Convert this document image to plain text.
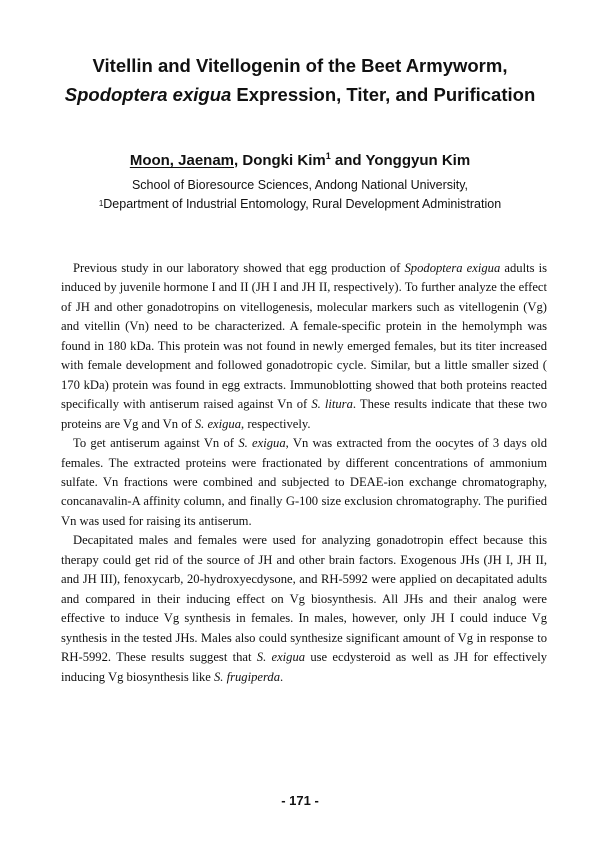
Vitellin and Vitellogenin of the Beet Armyworm,
Spodoptera exigua Expression, Titer, and Purification
Moon, Jaenam, Dongki Kim$^1$ and Yonggyun Kim
School of Bioresource Sciences, Andong National University,
$^1$Department of Industrial Entomology, Rural Development Administration

Previous study in our laboratory showed that egg production of Spodoptera exigua adults is induced by juvenile hormone I and II (JH I and JH II, respectively). To further analyze the effect of JH and other gonadotropins on vitellogenesis, molecular markers such as vitellogenin (Vg) and vitellin (Vn) need to be characterized. A female-specific protein in the hemolymph was found in 180 kDa. This protein was not found in newly emerged females, but its titer increased with female development and followed gonadotropic cycle. Similar, but a little smaller sized ( 170 kDa) protein was found in egg extracts. Immunoblotting showed that both proteins reacted specifically with antiserum raised against Vn of S. litura. These results indicate that these two proteins are Vg and Vn of S. exigua, respectively.

To get antiserum against Vn of S. exigua, Vn was extracted from the oocytes of 3 days old females. The extracted proteins were fractionated by different concentrations of ammonium sulfate. Vn fractions were combined and subjected to DEAE-ion exchange chromatography, concanavalin-A affinity column, and finally G-100 size exclusion chromatography. The purified Vn was used for raising its antiserum.

Decapitated males and females were used for analyzing gonadotropin effect because this therapy could get rid of the source of JH and other brain factors. Exogenous JHs (JH I, JH II, and JH III), fenoxycarb, 20-hydroxyecdysone, and RH-5992 were applied on decapitated adults and compared in their inducing effect on Vg biosynthesis. All JHs and their analog were effective to induce Vg synthesis in females. In males, however, only JH I could induce Vg synthesis in the tested JHs. Males also could synthesize significant amount of Vg in response to RH-5992. These results suggest that S. exigua use ecdysteroid as well as JH for effectively inducing Vg biosynthesis like S. frugiperda.

- 171 -
